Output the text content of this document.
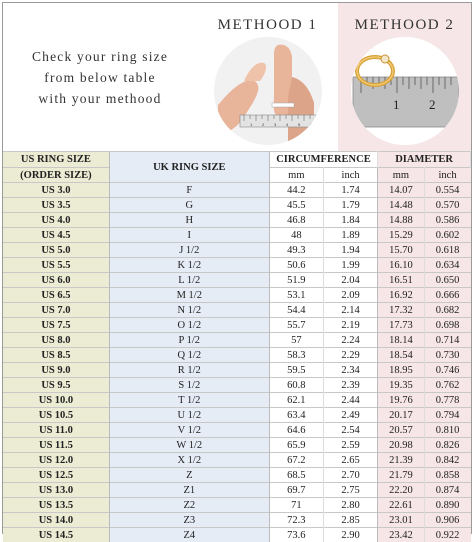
Check your ring size
from below table
with your methood
METHOOD 1
1 2 3 4 5 6
METHOOD 2
1 2
US RING SIZE	UK RING SIZE	CIRCUMFERENCE		DIAMETER	
(ORDER SIZE)		mm	inch	mm	inch
US 3.0	F	44.2	1.74	14.07	0.554
US 3.5	G	45.5	1.79	14.48	0.570
US 4.0	H	46.8	1.84	14.88	0.586
US 4.5	I	48	1.89	15.29	0.602
US 5.0	J 1/2	49.3	1.94	15.70	0.618
US 5.5	K 1/2	50.6	1.99	16.10	0.634
US 6.0	L 1/2	51.9	2.04	16.51	0.650
US 6.5	M 1/2	53.1	2.09	16.92	0.666
US 7.0	N 1/2	54.4	2.14	17.32	0.682
US 7.5	O 1/2	55.7	2.19	17.73	0.698
US 8.0	P 1/2	57	2.24	18.14	0.714
US 8.5	Q 1/2	58.3	2.29	18.54	0.730
US 9.0	R 1/2	59.5	2.34	18.95	0.746
US 9.5	S 1/2	60.8	2.39	19.35	0.762
US 10.0	T 1/2	62.1	2.44	19.76	0.778
US 10.5	U 1/2	63.4	2.49	20.17	0.794
US 11.0	V 1/2	64.6	2.54	20.57	0.810
US 11.5	W 1/2	65.9	2.59	20.98	0.826
US 12.0	X 1/2	67.2	2.65	21.39	0.842
US 12.5	Z	68.5	2.70	21.79	0.858
US 13.0	Z1	69.7	2.75	22.20	0.874
US 13.5	Z2	71	2.80	22.61	0.890
US 14.0	Z3	72.3	2.85	23.01	0.906
US 14.5	Z4	73.6	2.90	23.42	0.922
